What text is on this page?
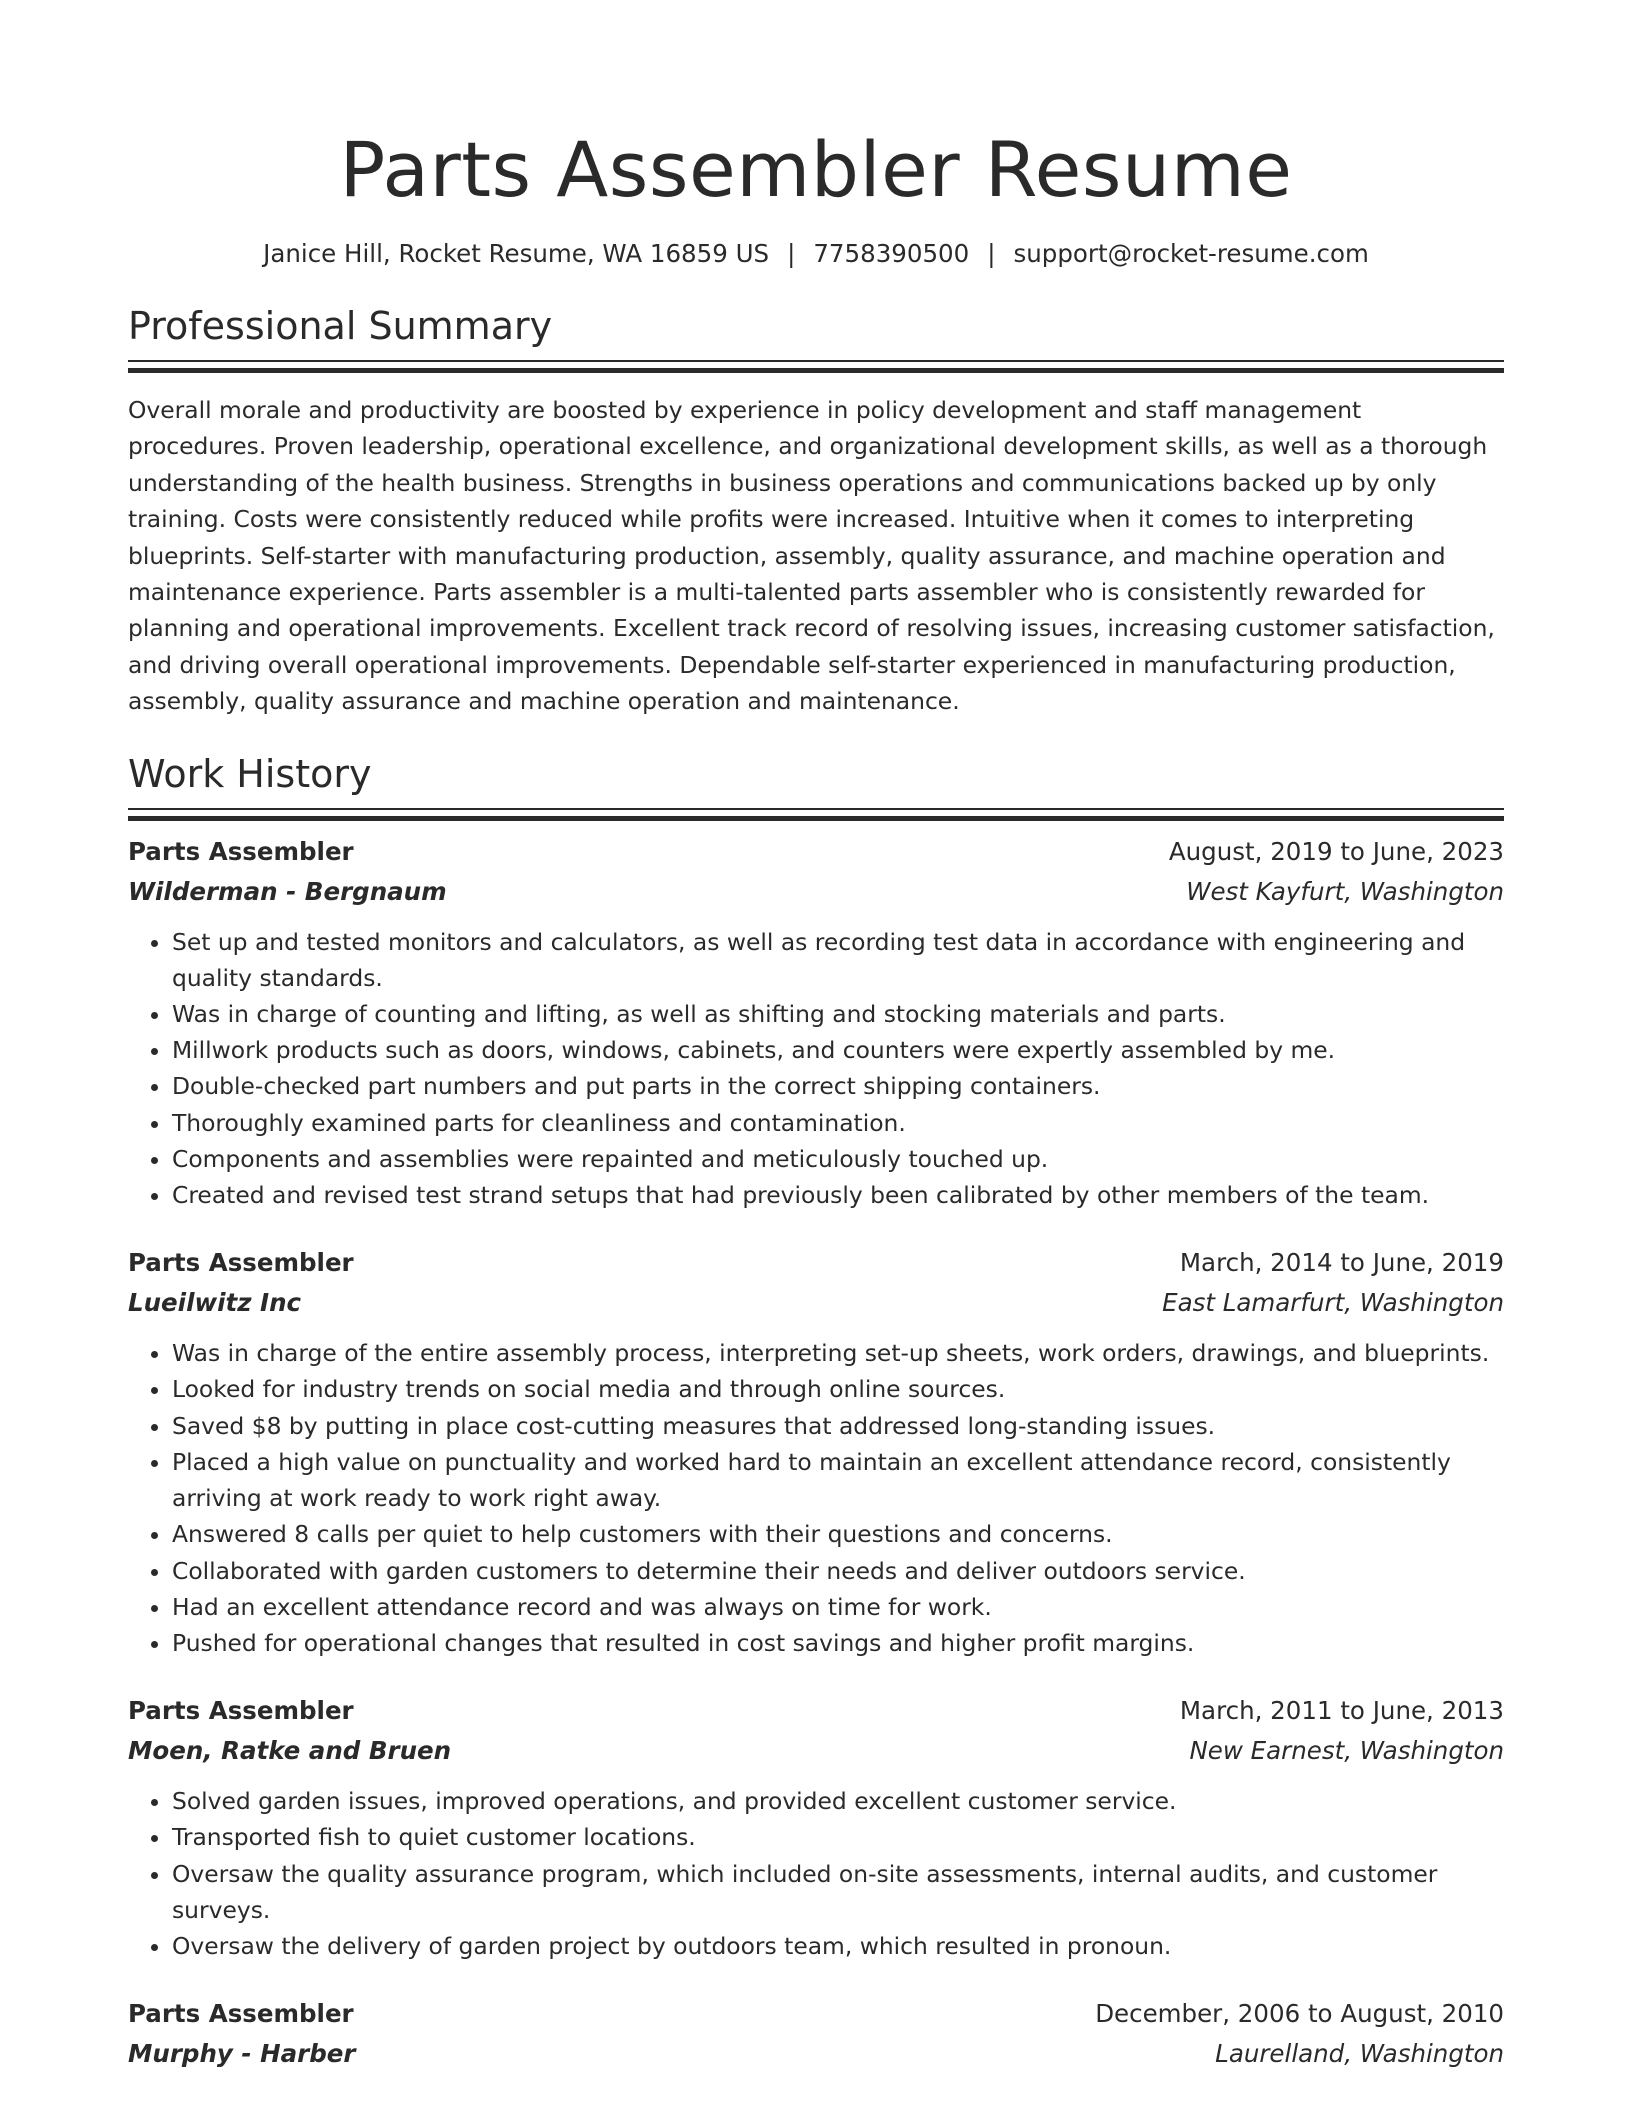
Parts Assembler Resume
Janice Hill, Rocket Resume, WA 16859 US | 7758390500 | support@rocket-resume.com
Professional Summary

Overall morale and productivity are boosted by experience in policy development and staff management procedures. Proven leadership, operational excellence, and organizational development skills, as well as a thorough understanding of the health business. Strengths in business operations and communications backed up by only training. Costs were consistently reduced while profits were increased. Intuitive when it comes to interpreting blueprints. Self-starter with manufacturing production, assembly, quality assurance, and machine operation and maintenance experience. Parts assembler is a multi-talented parts assembler who is consistently rewarded for planning and operational improvements. Excellent track record of resolving issues, increasing customer satisfaction, and driving overall operational improvements. Dependable self-starter experienced in manufacturing production, assembly, quality assurance and machine operation and maintenance.

Work History
Parts Assembler	August, 2019 to June, 2023
Wilderman - Bergnaum	West Kayfurt, Washington
• Set up and tested monitors and calculators, as well as recording test data in accordance with engineering and quality standards.
• Was in charge of counting and lifting, as well as shifting and stocking materials and parts.
• Millwork products such as doors, windows, cabinets, and counters were expertly assembled by me.
• Double-checked part numbers and put parts in the correct shipping containers.
• Thoroughly examined parts for cleanliness and contamination.
• Components and assemblies were repainted and meticulously touched up.
• Created and revised test strand setups that had previously been calibrated by other members of the team.
Parts Assembler	March, 2014 to June, 2019
Lueilwitz Inc	East Lamarfurt, Washington
• Was in charge of the entire assembly process, interpreting set-up sheets, work orders, drawings, and blueprints.
• Looked for industry trends on social media and through online sources.
• Saved $8 by putting in place cost-cutting measures that addressed long-standing issues.
• Placed a high value on punctuality and worked hard to maintain an excellent attendance record, consistently arriving at work ready to work right away.
• Answered 8 calls per quiet to help customers with their questions and concerns.
• Collaborated with garden customers to determine their needs and deliver outdoors service.
• Had an excellent attendance record and was always on time for work.
• Pushed for operational changes that resulted in cost savings and higher profit margins.
Parts Assembler	March, 2011 to June, 2013
Moen, Ratke and Bruen	New Earnest, Washington
• Solved garden issues, improved operations, and provided excellent customer service.
• Transported fish to quiet customer locations.
• Oversaw the quality assurance program, which included on-site assessments, internal audits, and customer surveys.
• Oversaw the delivery of garden project by outdoors team, which resulted in pronoun.
Parts Assembler	December, 2006 to August, 2010
Murphy - Harber	Laurelland, Washington
